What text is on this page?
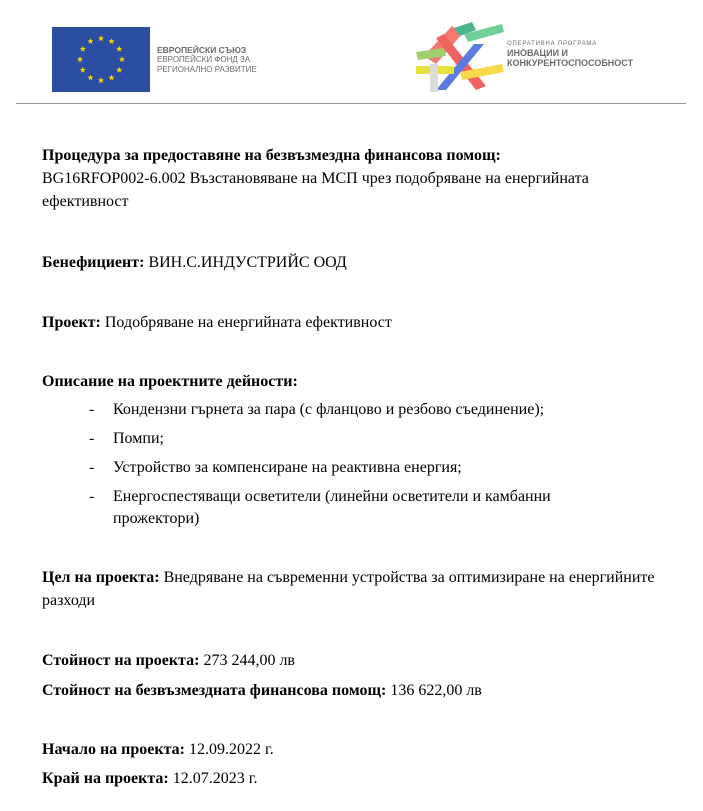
ЕВРОПЕЙСКИ СЪЮЗ
ЕВРОПЕЙСКИ ФОНД ЗА
РЕГИОНАЛНО РАЗВИТИЕ
ОПЕРАТИВНА ПРОГРАМА
ИНОВАЦИИ И
КОНКУРЕНТОСПОСОБНОСТ

Процедура за предоставяне на безвъзмездна финансова помощ:

BG16RFOP002-6.002 Възстановяване на МСП чрез подобряване на енергийната ефективност

Бенефициент: ВИН.С.ИНДУСТРИЙС ООД

Проект: Подобряване на енергийната ефективност

Описание на проектните дейности:

- Кондензни гърнета за пара (с фланцово и резбово съединение);
- Помпи;
- Устройство за компенсиране на реактивна енергия;
- Енергоспестяващи осветители (линейни осветители и камбанни прожектори)

Цел на проекта: Внедряване на съвременни устройства за оптимизиране на енергийните разходи

Стойност на проекта: 273 244,00 лв

Стойност на безвъзмездната финансова помощ: 136 622,00 лв

Начало на проекта: 12.09.2022 г.

Край на проекта: 12.07.2023 г.
